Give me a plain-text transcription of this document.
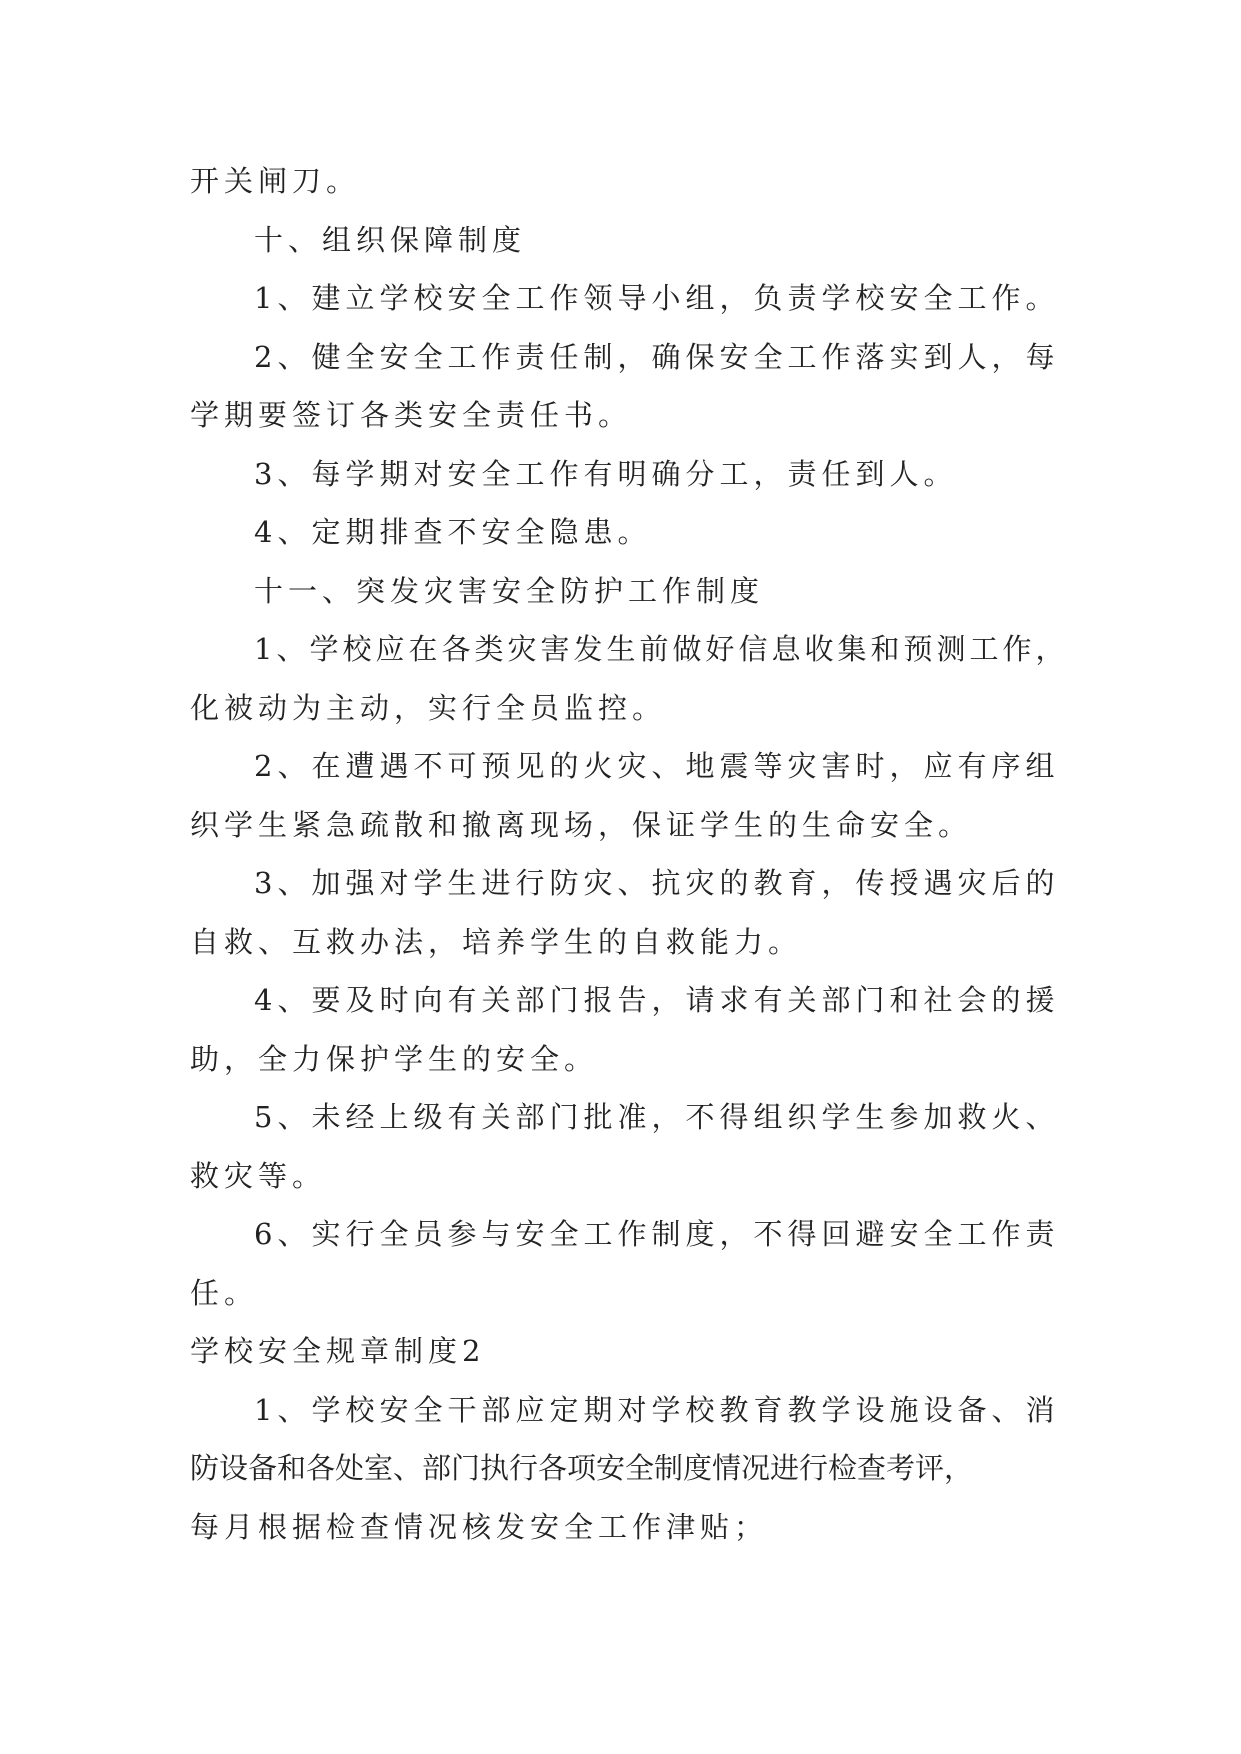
开关闸刀。

十、组织保障制度

1、建立学校安全工作领导小组，负责学校安全工作。

2、健全安全工作责任制，确保安全工作落实到人，每

学期要签订各类安全责任书。

3、每学期对安全工作有明确分工，责任到人。

4、定期排查不安全隐患。

十一、突发灾害安全防护工作制度

1、学校应在各类灾害发生前做好信息收集和预测工作，

化被动为主动，实行全员监控。

2、在遭遇不可预见的火灾、地震等灾害时，应有序组

织学生紧急疏散和撤离现场，保证学生的生命安全。

3、加强对学生进行防灾、抗灾的教育，传授遇灾后的

自救、互救办法，培养学生的自救能力。

4、要及时向有关部门报告，请求有关部门和社会的援

助，全力保护学生的安全。

5、未经上级有关部门批准，不得组织学生参加救火、

救灾等。

6、实行全员参与安全工作制度，不得回避安全工作责

任。

学校安全规章制度2

1、学校安全干部应定期对学校教育教学设施设备、消

防设备和各处室、部门执行各项安全制度情况进行检查考评，

每月根据检查情况核发安全工作津贴；
